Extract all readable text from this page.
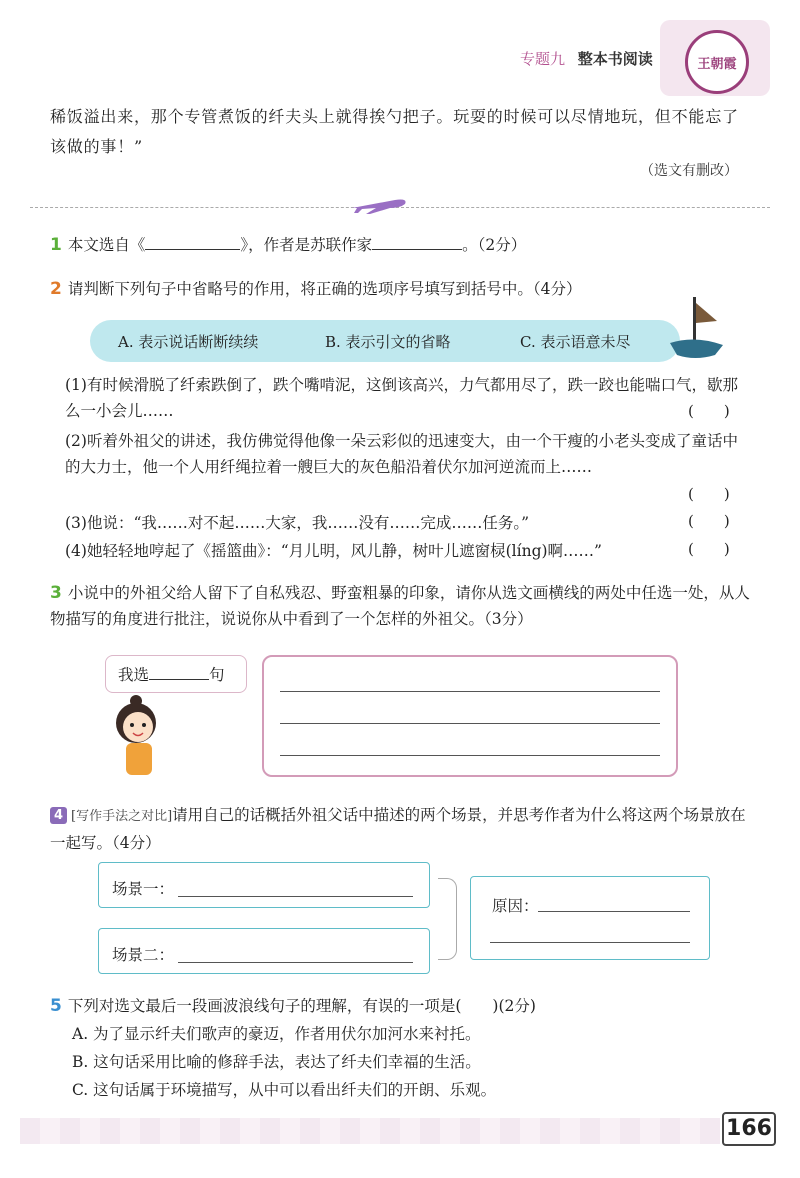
专题九 整本书阅读	王朝霞
稀饭溢出来，那个专管煮饭的纤夫头上就得挨勺把子。玩耍的时候可以尽情地玩，但不能忘了该做的事！”
（选文有删改）
1 本文选自《	》，作者是苏联作家	。（2分）
2 请判断下列句子中省略号的作用，将正确的选项序号填写到括号中。（4分）
A. 表示说话断断续续	B. 表示引文的省略	C. 表示语意未尽
(1)有时候滑脱了纤索跌倒了，跌个嘴啃泥，这倒该高兴，力气都用尽了，跌一跤也能喘口气，歇那么一小会儿……	(　　)
(2)听着外祖父的讲述，我仿佛觉得他像一朵云彩似的迅速变大，由一个干瘦的小老头变成了童话中的大力士，他一个人用纤绳拉着一艘巨大的灰色船沿着伏尔加河逆流而上……
(　　)
(3)他说：“我……对不起……大家，我……没有……完成……任务。”	(　　)
(4)她轻轻地哼起了《摇篮曲》：“月儿明，风儿静，树叶儿遮窗棂(líng)啊……”	(　　)
3 小说中的外祖父给人留下了自私残忍、野蛮粗暴的印象，请你从选文画横线的两处中任选一处，从人物描写的角度进行批注，说说你从中看到了一个怎样的外祖父。（3分）
我选	句
4 [写作手法之对比]请用自己的话概括外祖父话中描述的两个场景，并思考作者为什么将这两个场景放在一起写。（4分）
场景一：
场景二：
原因：
5 下列对选文最后一段画波浪线句子的理解，有误的一项是(　　)(2分)
A. 为了显示纤夫们歌声的豪迈，作者用伏尔加河水来衬托。
B. 这句话采用比喻的修辞手法，表达了纤夫们幸福的生活。
C. 这句话属于环境描写，从中可以看出纤夫们的开朗、乐观。
166
